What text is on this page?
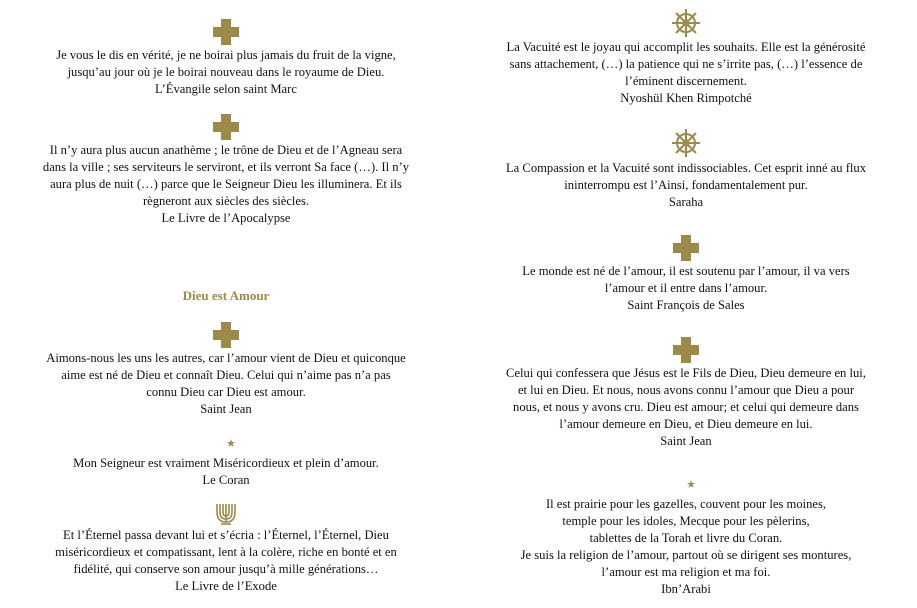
Je vous le dis en vérité, je ne boirai plus jamais du fruit de la vigne,
jusqu’au jour où je le boirai nouveau dans le royaume de Dieu.
L’Évangile selon saint Marc
Il n’y aura plus aucun anathème ; le trône de Dieu et de l’Agneau sera
dans la ville ; ses serviteurs le serviront, et ils verront Sa face (…). Il n’y
aura plus de nuit (…) parce que le Seigneur Dieu les illuminera. Et ils
règneront aux siècles des siècles.
Le Livre de l’Apocalypse
Dieu est Amour
Aimons-nous les uns les autres, car l’amour vient de Dieu et quiconque
aime est né de Dieu et connaît Dieu. Celui qui n’aime pas n’a pas
connu Dieu car Dieu est amour.
Saint Jean
Mon Seigneur est vraiment Miséricordieux et plein d’amour.
Le Coran
Et l’Éternel passa devant lui et s’écria : l’Éternel, l’Éternel, Dieu
miséricordieux et compatissant, lent à la colère, riche en bonté et en
fidélité, qui conserve son amour jusqu’à mille générations…
Le Livre de l’Exode
La Vacuité est le joyau qui accomplit les souhaits. Elle est la générosité
sans attachement, (…) la patience qui ne s’irrite pas, (…) l’essence de
l’éminent discernement.
Nyoshül Khen Rimpotché
La Compassion et la Vacuité sont indissociables. Cet esprit inné au flux
ininterrompu est l’Ainsi, fondamentalement pur.
Saraha
Le monde est né de l’amour, il est soutenu par l’amour, il va vers
l’amour et il entre dans l’amour.
Saint François de Sales
Celui qui confessera que Jésus est le Fils de Dieu, Dieu demeure en lui,
et lui en Dieu. Et nous, nous avons connu l’amour que Dieu a pour
nous, et nous y avons cru. Dieu est amour; et celui qui demeure dans
l’amour demeure en Dieu, et Dieu demeure en lui.
Saint Jean
Il est prairie pour les gazelles, couvent pour les moines,
temple pour les idoles, Mecque pour les pèlerins,
tablettes de la Torah et livre du Coran.
Je suis la religion de l’amour, partout où se dirigent ses montures,
l’amour est ma religion et ma foi.
Ibn’Arabi
